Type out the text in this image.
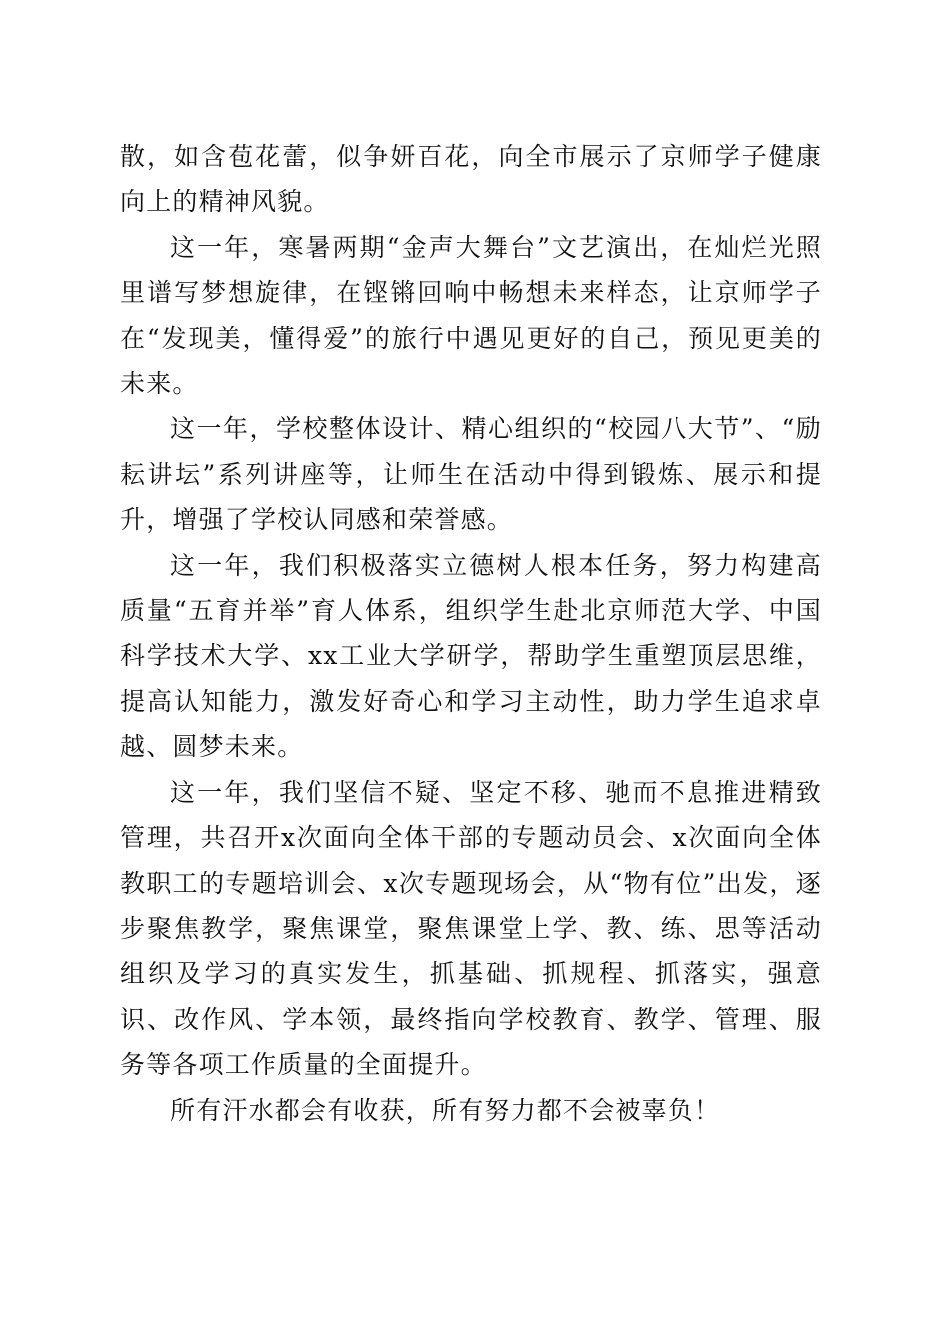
散，如含苞花蕾，似争妍百花，向全市展示了京师学子健康向上的精神风貌。

这一年，寒暑两期“金声大舞台”文艺演出，在灿烂光照里谱写梦想旋律，在铿锵回响中畅想未来样态，让京师学子在“发现美，懂得爱”的旅行中遇见更好的自己，预见更美的未来。

这一年，学校整体设计、精心组织的“校园八大节”、“励耘讲坛”系列讲座等，让师生在活动中得到锻炼、展示和提升，增强了学校认同感和荣誉感。

这一年，我们积极落实立德树人根本任务，努力构建高质量“五育并举”育人体系，组织学生赴北京师范大学、中国科学技术大学、xx工业大学研学，帮助学生重塑顶层思维，提高认知能力，激发好奇心和学习主动性，助力学生追求卓越、圆梦未来。

这一年，我们坚信不疑、坚定不移、驰而不息推进精致管理，共召开x次面向全体干部的专题动员会、x次面向全体教职工的专题培训会、x次专题现场会，从“物有位”出发，逐步聚焦教学，聚焦课堂，聚焦课堂上学、教、练、思等活动组织及学习的真实发生，抓基础、抓规程、抓落实，强意识、改作风、学本领，最终指向学校教育、教学、管理、服务等各项工作质量的全面提升。

所有汗水都会有收获，所有努力都不会被辜负！
